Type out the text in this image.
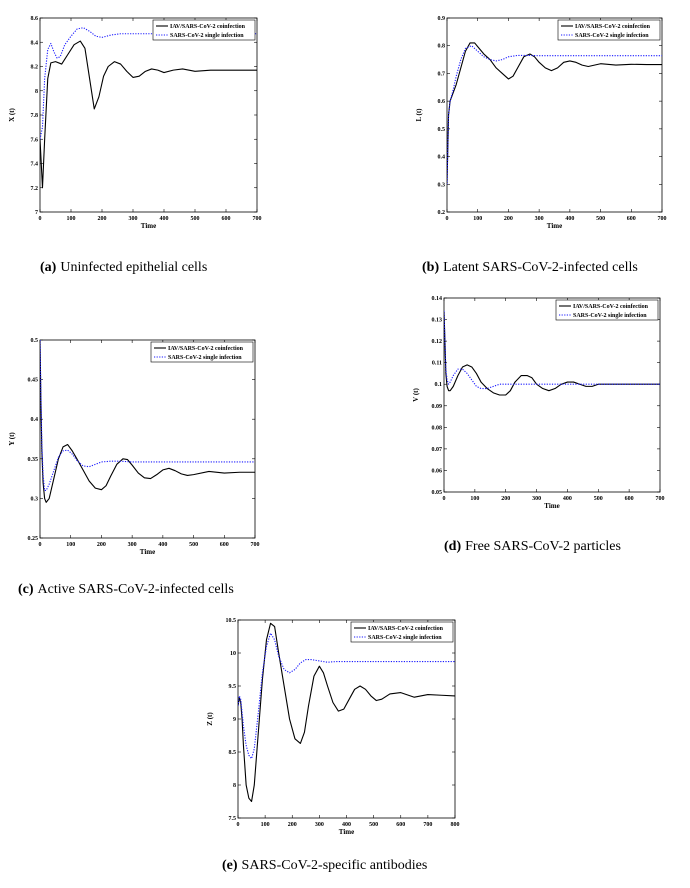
0	100	200	300	400	500	600	700
7
7.2
7.4
7.6
7.8
8
8.2
8.4
8.6
Time
X (t)
IAV/SARS-CoV-2 coinfection
SARS-CoV-2 single infection
(a) Uninfected epithelial cells
0	100	200	300	400	500	600	700
0.2
0.3
0.4
0.5
0.6
0.7
0.8
0.9
Time
L (t)
IAV/SARS-CoV-2 coinfection
SARS-CoV-2 single infection
(b) Latent SARS-CoV-2-infected cells
0	100	200	300	400	500	600	700
0.25
0.3
0.35
0.4
0.45
0.5
Time
Y (t)
IAV/SARS-CoV-2 coinfection
SARS-CoV-2 single infection
(c) Active SARS-CoV-2-infected cells
0	100	200	300	400	500	600	700
0.05
0.06
0.07
0.08
0.09
0.1
0.11
0.12
0.13
0.14
Time
V (t)
IAV/SARS-CoV-2 coinfection
SARS-CoV-2 single infection
(d) Free SARS-CoV-2 particles
0	100	200	300	400	500	600	700	800
7.5
8
8.5
9
9.5
10
10.5
Time
Z (t)
IAV/SARS-CoV-2 coinfection
SARS-CoV-2 single infection
(e) SARS-CoV-2-specific antibodies
